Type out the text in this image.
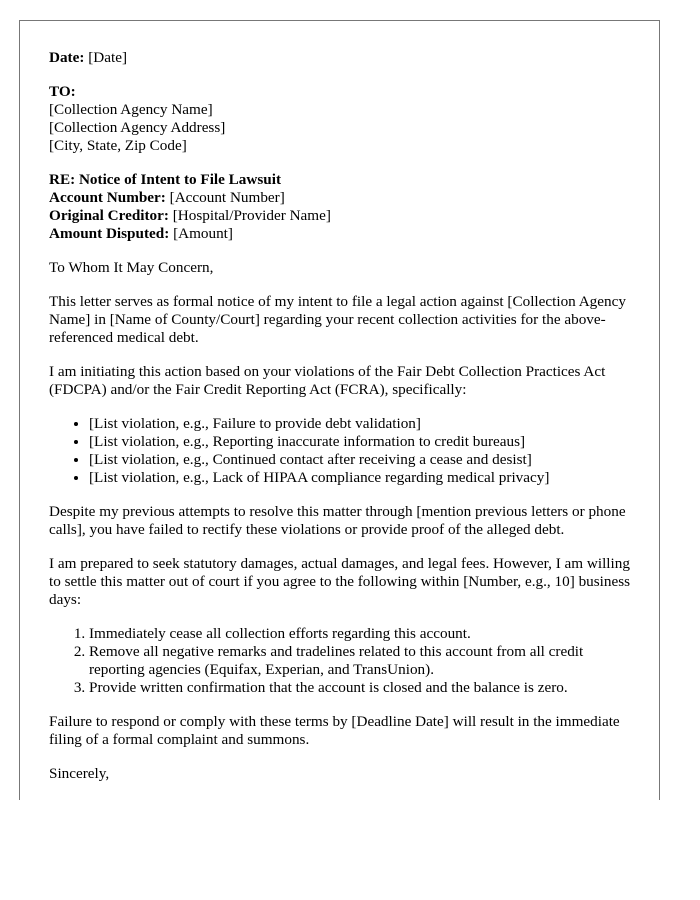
Date: [Date]
TO:
[Collection Agency Name]
[Collection Agency Address]
[City, State, Zip Code]
RE: Notice of Intent to File Lawsuit
Account Number: [Account Number]
Original Creditor: [Hospital/Provider Name]
Amount Disputed: [Amount]

To Whom It May Concern,

This letter serves as formal notice of my intent to file a legal action against [Collection Agency Name] in [Name of County/Court] regarding your recent collection activities for the above-referenced medical debt.

I am initiating this action based on your violations of the Fair Debt Collection Practices Act (FDCPA) and/or the Fair Credit Reporting Act (FCRA), specifically:

• [List violation, e.g., Failure to provide debt validation]
• [List violation, e.g., Reporting inaccurate information to credit bureaus]
• [List violation, e.g., Continued contact after receiving a cease and desist]
• [List violation, e.g., Lack of HIPAA compliance regarding medical privacy]

Despite my previous attempts to resolve this matter through [mention previous letters or phone calls], you have failed to rectify these violations or provide proof of the alleged debt.

I am prepared to seek statutory damages, actual damages, and legal fees. However, I am willing to settle this matter out of court if you agree to the following within [Number, e.g., 10] business days:

1. Immediately cease all collection efforts regarding this account.
2. Remove all negative remarks and tradelines related to this account from all credit reporting agencies (Equifax, Experian, and TransUnion).
3. Provide written confirmation that the account is closed and the balance is zero.

Failure to respond or comply with these terms by [Deadline Date] will result in the immediate filing of a formal complaint and summons.

Sincerely,
